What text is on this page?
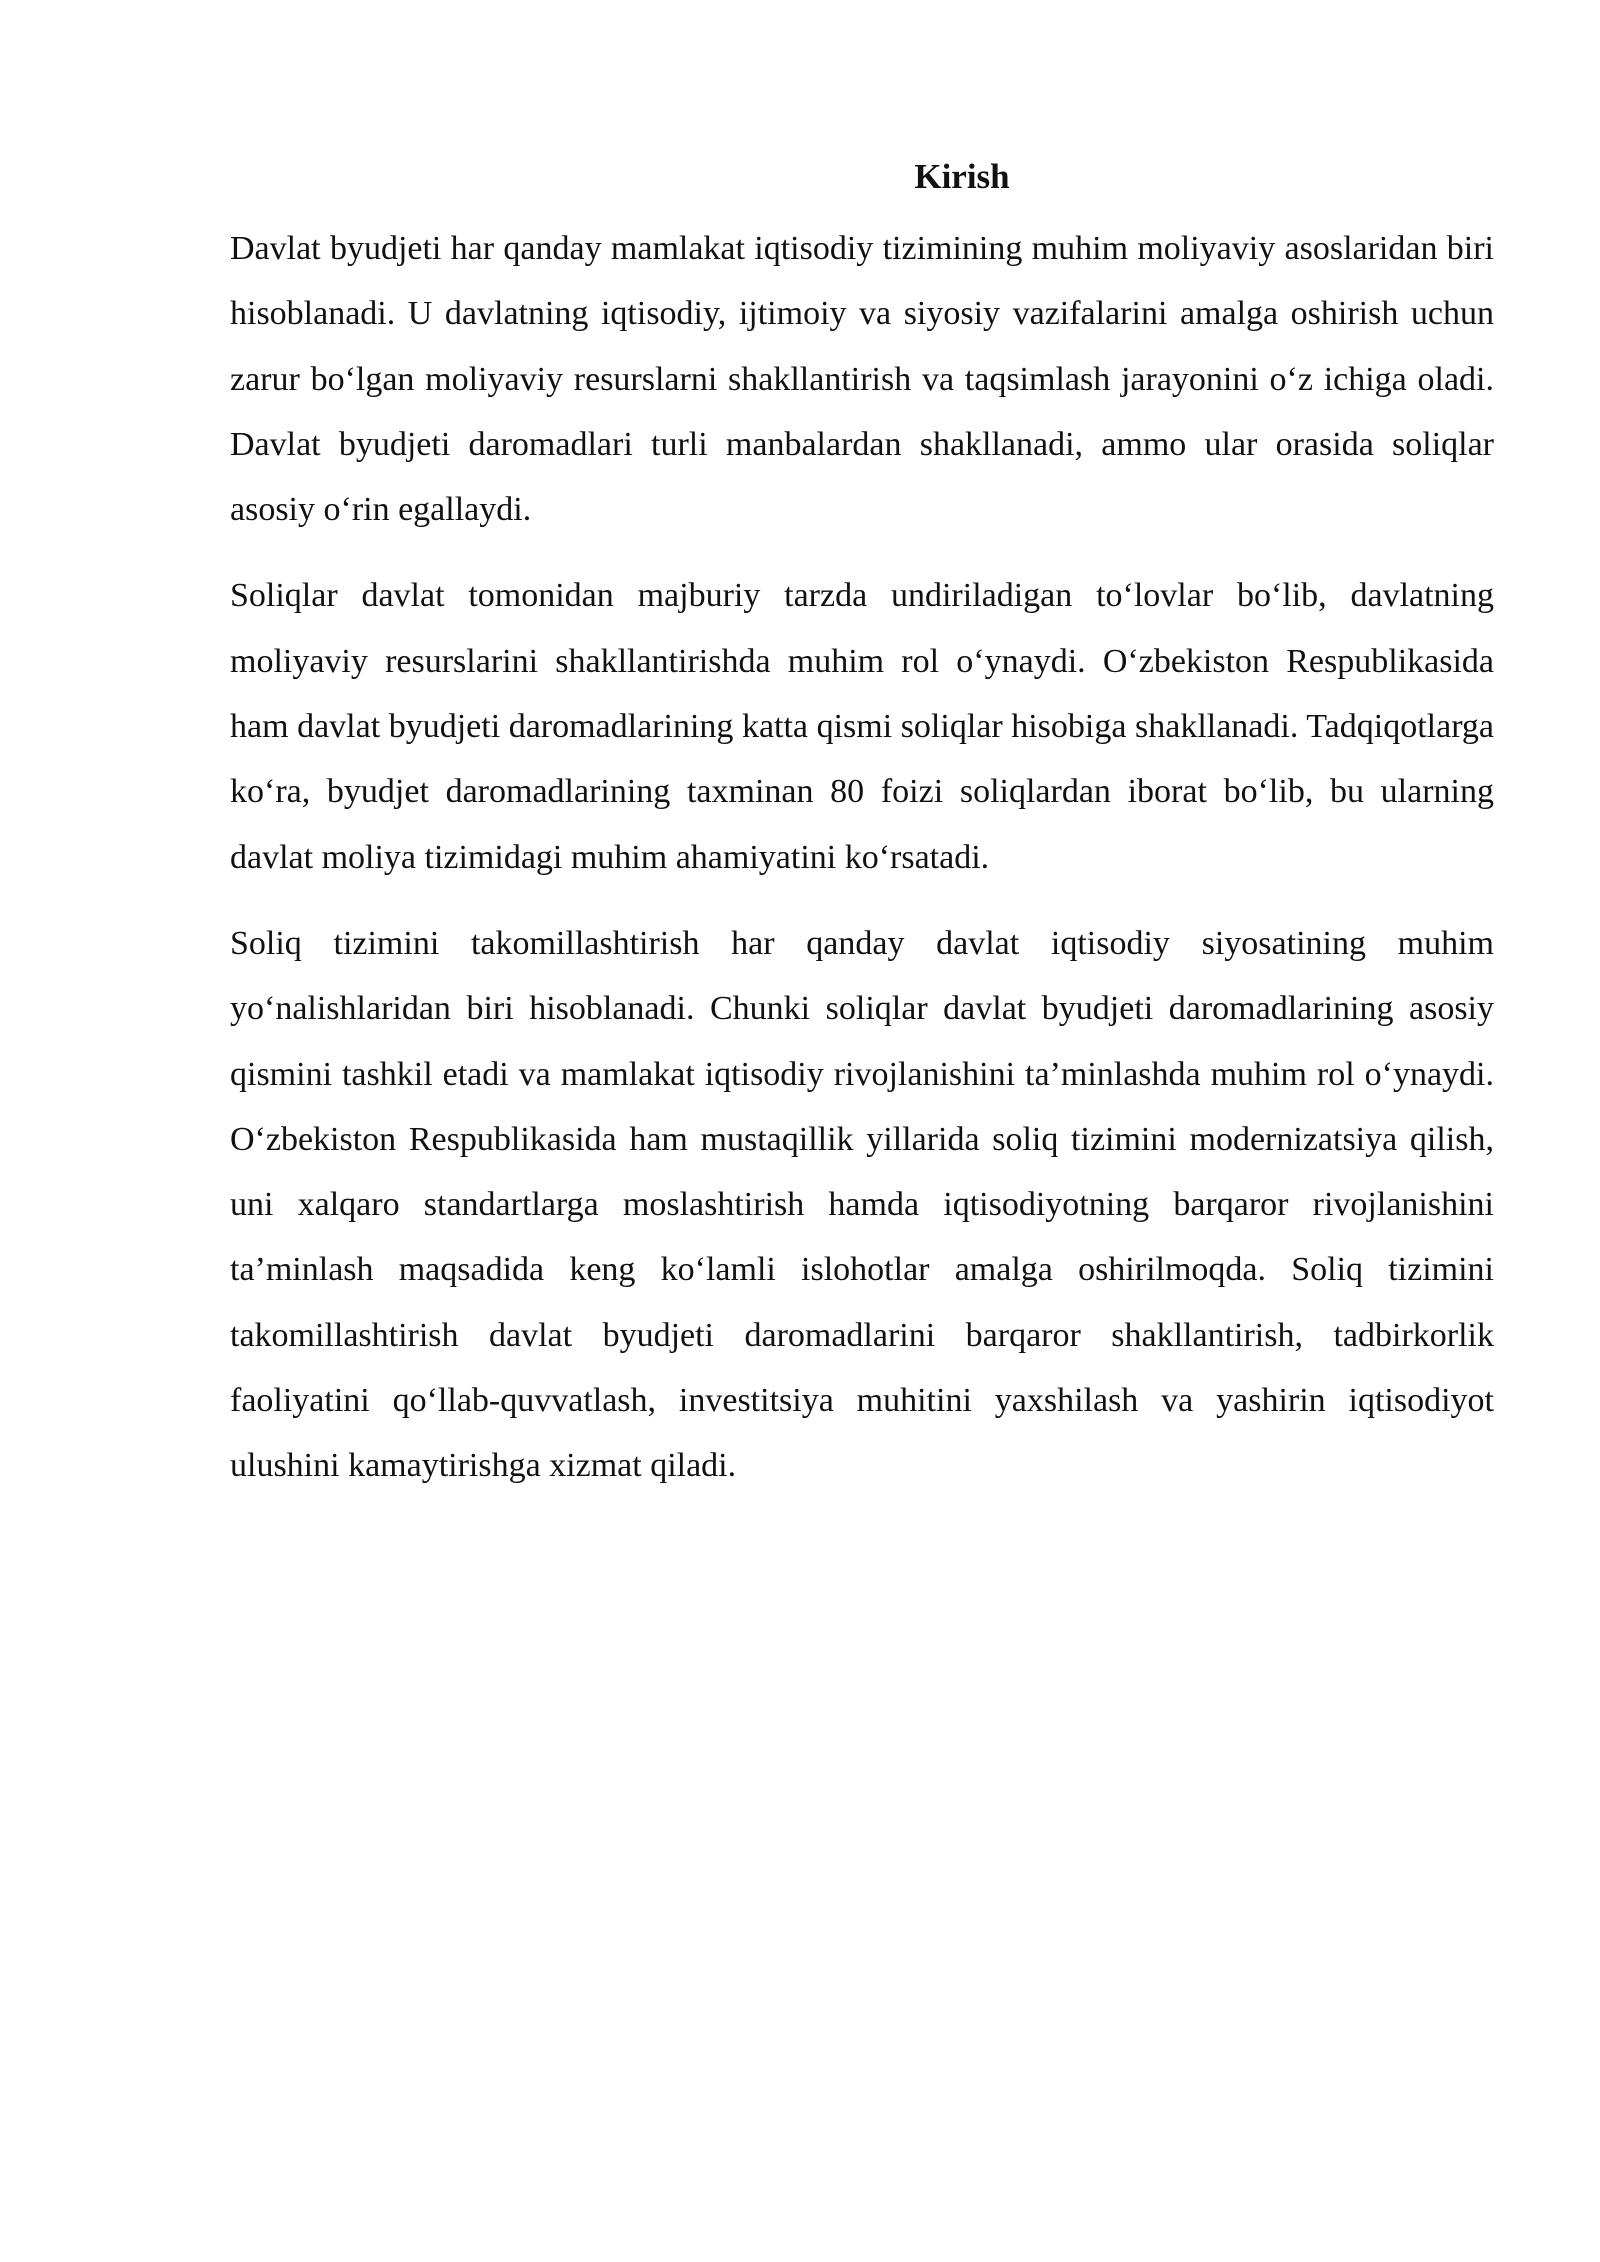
Kirish

Davlat byudjeti har qanday mamlakat iqtisodiy tizimining muhim moliyaviy asoslaridan biri hisoblanadi. U davlatning iqtisodiy, ijtimoiy va siyosiy vazifalarini amalga oshirish uchun zarur bo‘lgan moliyaviy resurslarni shakllantirish va taqsimlash jarayonini o‘z ichiga oladi. Davlat byudjeti daromadlari turli manbalardan shakllanadi, ammo ular orasida soliqlar asosiy o‘rin egallaydi.

Soliqlar davlat tomonidan majburiy tarzda undiriladigan to‘lovlar bo‘lib, davlatning moliyaviy resurslarini shakllantirishda muhim rol o‘ynaydi. O‘zbekiston Respublikasida ham davlat byudjeti daromadlarining katta qismi soliqlar hisobiga shakllanadi. Tadqiqotlarga ko‘ra, byudjet daromadlarining taxminan 80 foizi soliqlardan iborat bo‘lib, bu ularning davlat moliya tizimidagi muhim ahamiyatini ko‘rsatadi.

Soliq tizimini takomillashtirish har qanday davlat iqtisodiy siyosatining muhim yo‘nalishlaridan biri hisoblanadi. Chunki soliqlar davlat byudjeti daromadlarining asosiy qismini tashkil etadi va mamlakat iqtisodiy rivojlanishini ta’minlashda muhim rol o‘ynaydi. O‘zbekiston Respublikasida ham mustaqillik yillarida soliq tizimini modernizatsiya qilish, uni xalqaro standartlarga moslashtirish hamda iqtisodiyotning barqaror rivojlanishini ta’minlash maqsadida keng ko‘lamli islohotlar amalga oshirilmoqda. Soliq tizimini takomillashtirish davlat byudjeti daromadlarini barqaror shakllantirish, tadbirkorlik faoliyatini qo‘llab-quvvatlash, investitsiya muhitini yaxshilash va yashirin iqtisodiyot ulushini kamaytirishga xizmat qiladi.
